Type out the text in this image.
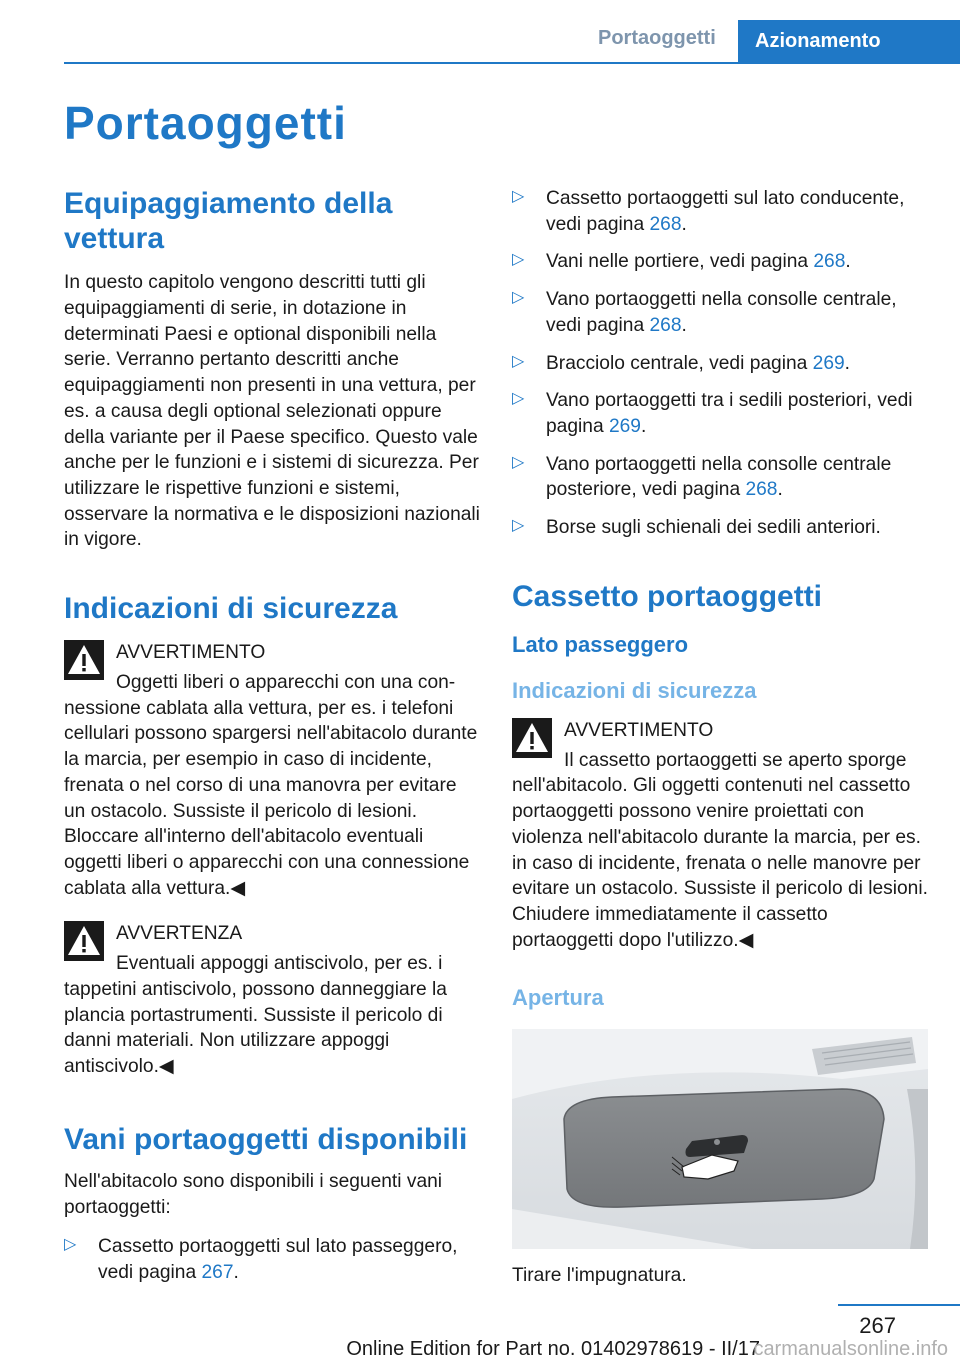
Portaoggetti	Azionamento
Portaoggetti
Equipaggiamento della vettura

In questo capitolo vengono descritti tutti gli equipaggiamenti di serie, in dotazione in determinati Paesi e optional disponibili nella serie. Verranno pertanto descritti anche equipaggiamenti non presenti in una vettura, per es. a causa degli optional selezionati oppure della variante per il Paese specifico. Questo vale anche per le funzioni e i sistemi di sicurezza. Per utilizzare le rispettive funzioni e sistemi, osservare la normativa e le disposizioni nazionali in vigore.

Indicazioni di sicurezza

AVVERTIMENTO

Oggetti liberi o apparecchi con una con-

nessione cablata alla vettura, per es. i telefoni cellulari possono spargersi nell'abitacolo durante la marcia, per esempio in caso di incidente, frenata o nel corso di una manovra per evitare un ostacolo. Sussiste il pericolo di lesioni. Bloccare all'interno dell'abitacolo eventuali oggetti liberi o apparecchi con una connessione cablata alla vettura.◀

AVVERTENZA

Eventuali appoggi antiscivolo, per es. i

tappetini antiscivolo, possono danneggiare la plancia portastrumenti. Sussiste il pericolo di danni materiali. Non utilizzare appoggi antiscivolo.◀

Vani portaoggetti disponibili

Nell'abitacolo sono disponibili i seguenti vani portaoggetti:

▷ Cassetto portaoggetti sul lato passeggero, vedi pagina 267.
▷ Cassetto portaoggetti sul lato conducente, vedi pagina 268.
▷ Vani nelle portiere, vedi pagina 268.
▷ Vano portaoggetti nella consolle centrale, vedi pagina 268.
▷ Bracciolo centrale, vedi pagina 269.
▷ Vano portaoggetti tra i sedili posteriori, vedi pagina 269.
▷ Vano portaoggetti nella consolle centrale posteriore, vedi pagina 268.
▷ Borse sugli schienali dei sedili anteriori.
Cassetto portaoggetti
Lato passeggero
Indicazioni di sicurezza

AVVERTIMENTO

Il cassetto portaoggetti se aperto sporge

nell'abitacolo. Gli oggetti contenuti nel cassetto portaoggetti possono venire proiettati con violenza nell'abitacolo durante la marcia, per es. in caso di incidente, frenata o nelle manovre per evitare un ostacolo. Sussiste il pericolo di lesioni. Chiudere immediatamente il cassetto portaoggetti dopo l'utilizzo.◀

Apertura

Tirare l'impugnatura.

267
Online Edition for Part no. 01402978619 - II/17
carmanualsonline.info
